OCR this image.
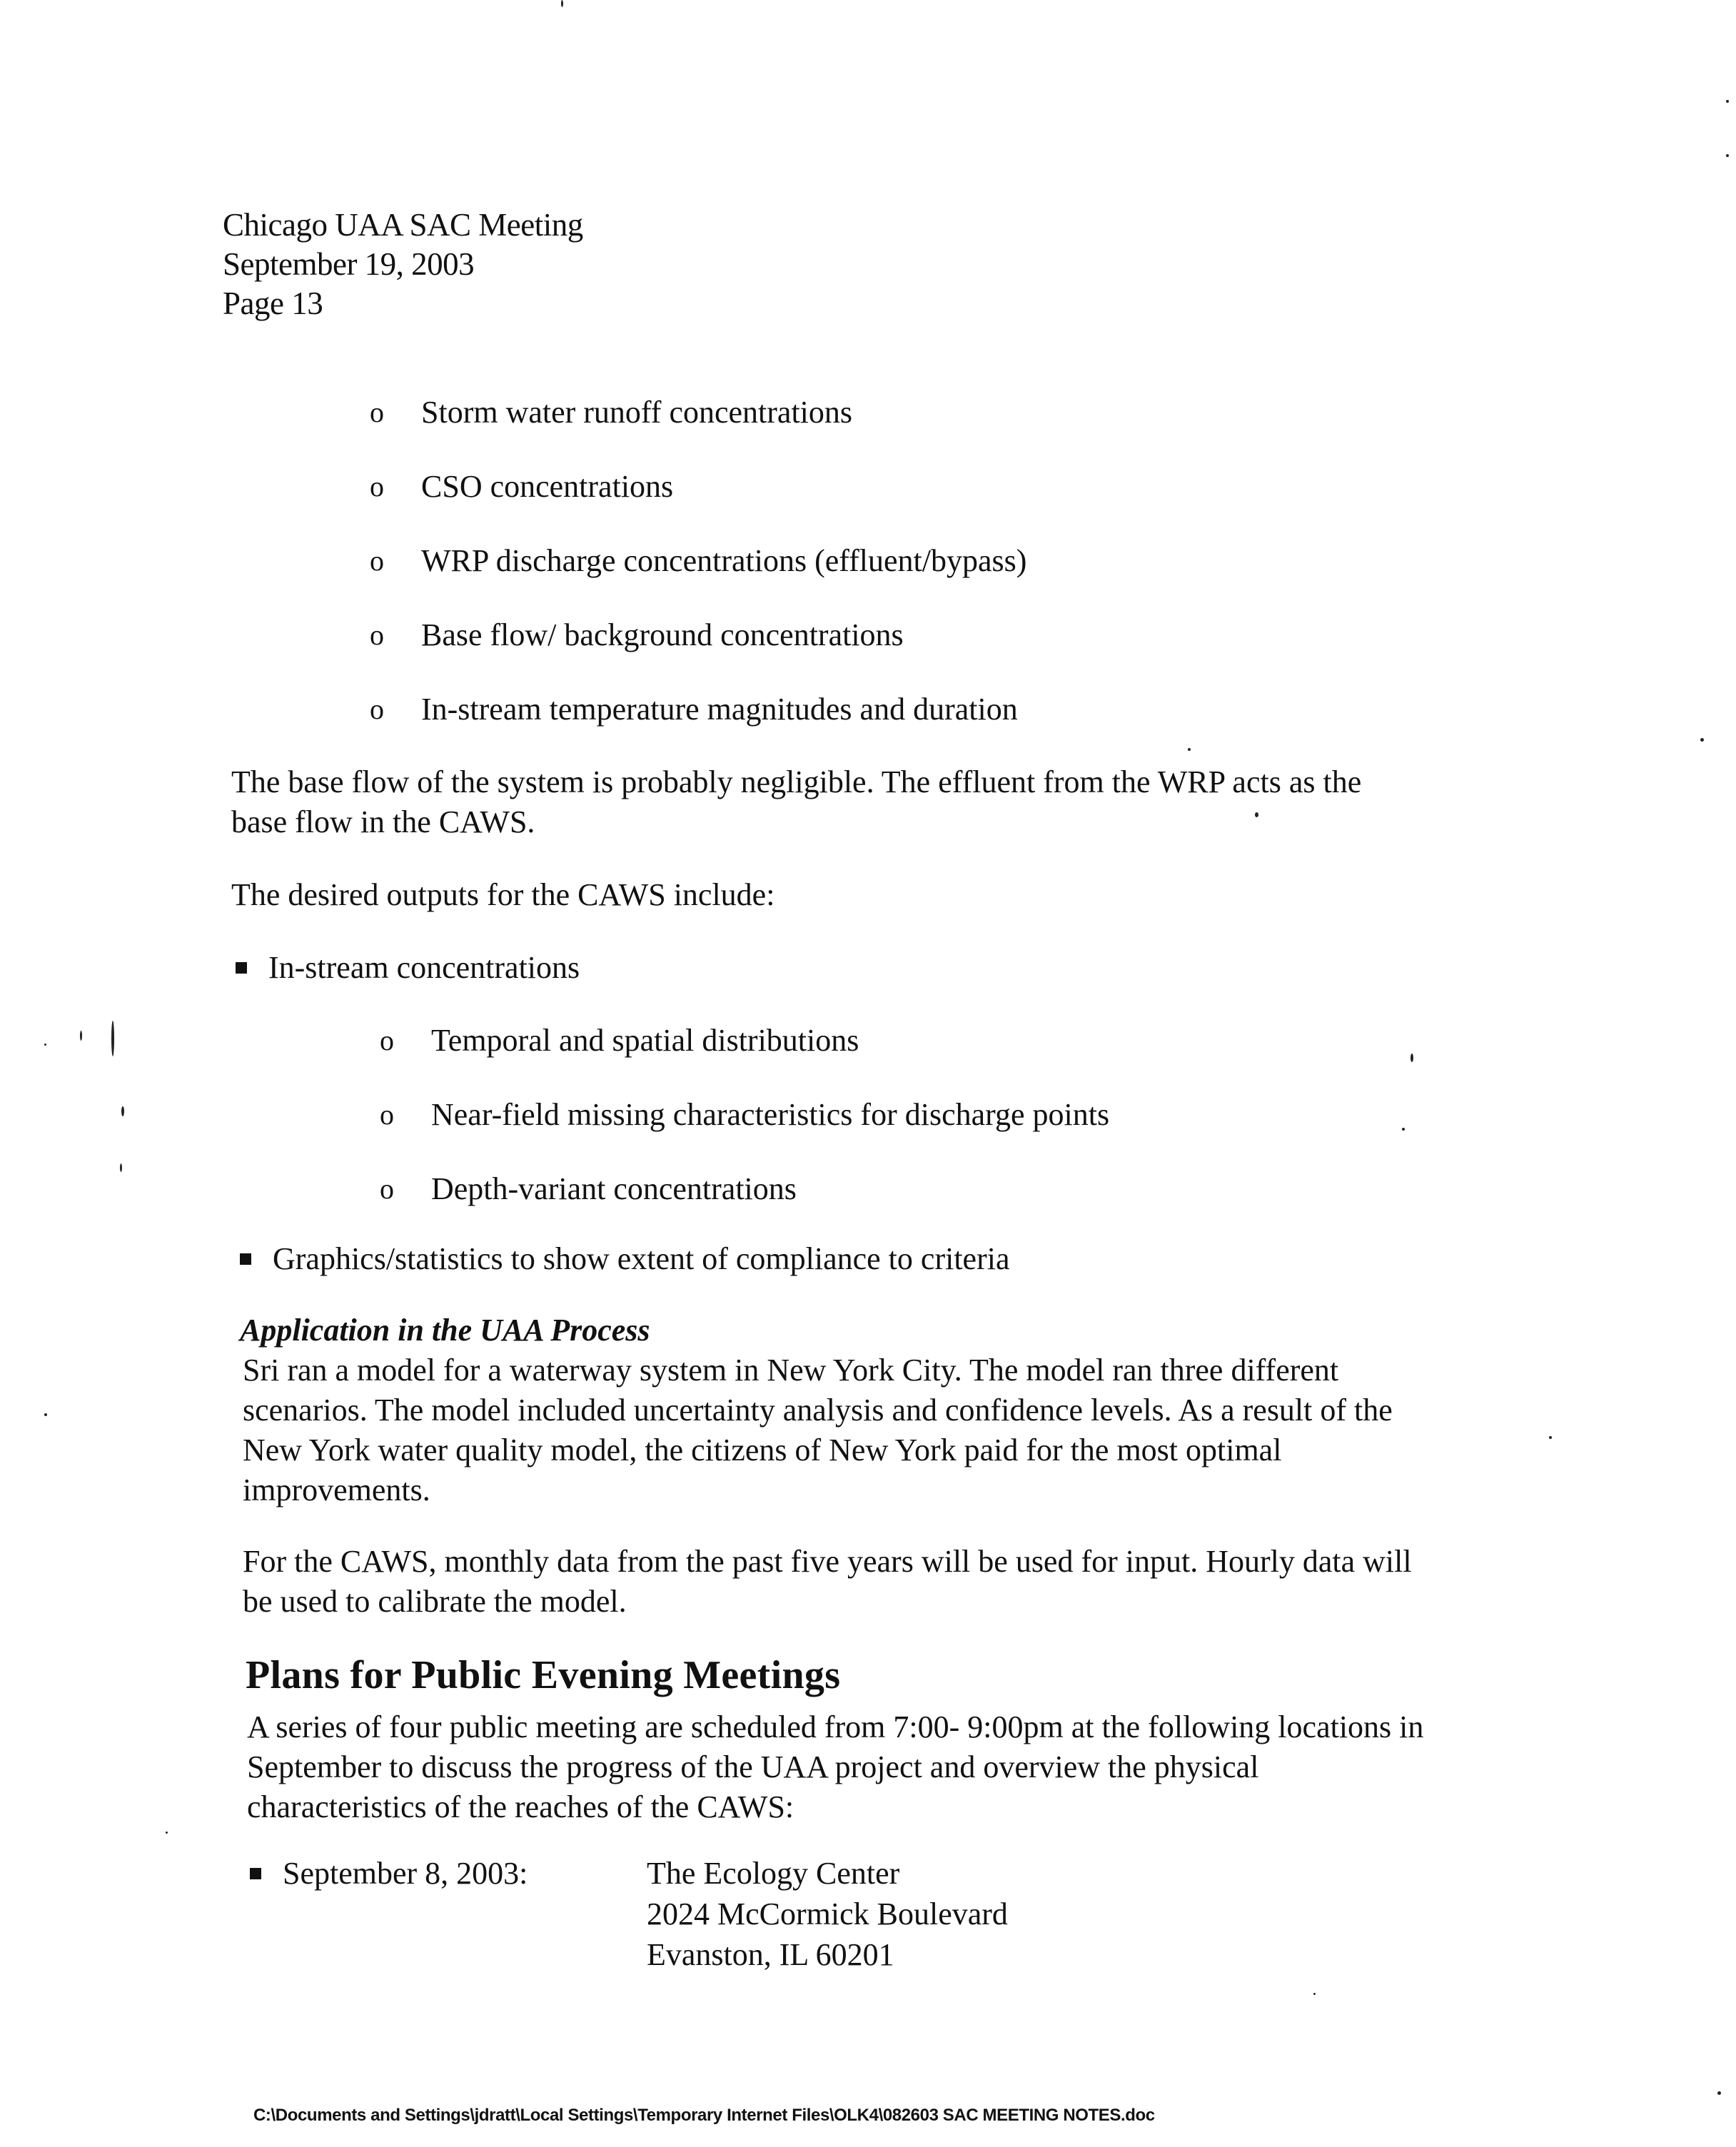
Chicago UAA SAC Meeting
September 19, 2003
Page 13
o	Storm water runoff concentrations
o	CSO concentrations
o	WRP discharge concentrations (effluent/bypass)
o	Base flow/ background concentrations
o	In-stream temperature magnitudes and duration

The base flow of the system is probably negligible. The effluent from the WRP acts as the
base flow in the CAWS.

The desired outputs for the CAWS include:

In-stream concentrations
o	Temporal and spatial distributions
o	Near-field missing characteristics for discharge points
o	Depth-variant concentrations
Graphics/statistics to show extent of compliance to criteria
Application in the UAA Process

Sri ran a model for a waterway system in New York City. The model ran three different
scenarios. The model included uncertainty analysis and confidence levels. As a result of the
New York water quality model, the citizens of New York paid for the most optimal
improvements.

For the CAWS, monthly data from the past five years will be used for input. Hourly data will
be used to calibrate the model.

Plans for Public Evening Meetings

A series of four public meeting are scheduled from 7:00- 9:00pm at the following locations in
September to discuss the progress of the UAA project and overview the physical
characteristics of the reaches of the CAWS:

September 8, 2003:	The Ecology Center
2024 McCormick Boulevard
Evanston, IL 60201
C:\Documents and Settings\jdratt\Local Settings\Temporary Internet Files\OLK4\082603 SAC MEETING NOTES.doc
